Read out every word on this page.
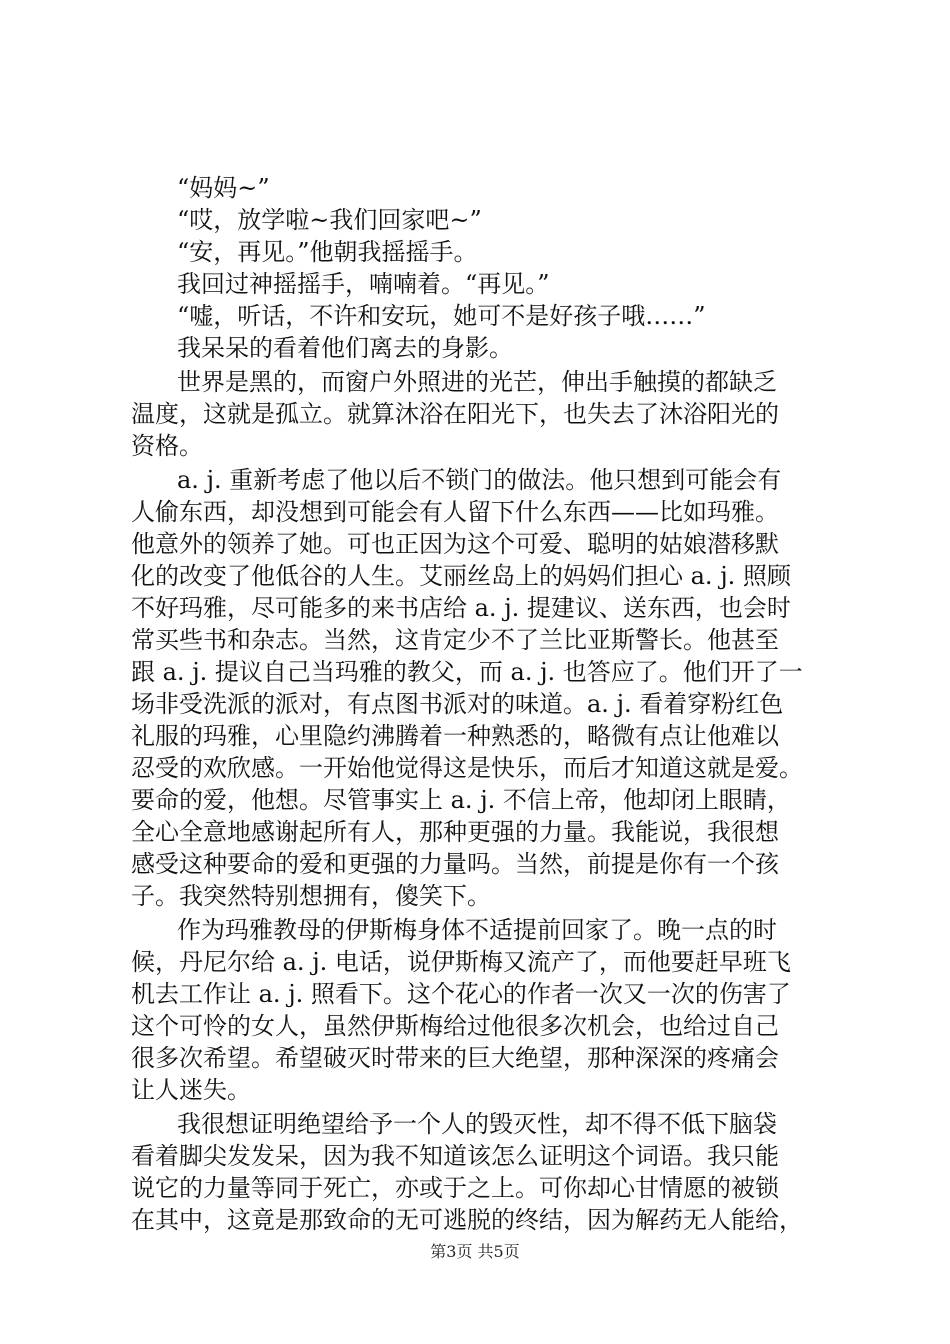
“妈妈~”
“哎，放学啦~我们回家吧~”
“安，再见。”他朝我摇摇手。
我回过神摇摇手，喃喃着。“再见。”
“嘘，听话，不许和安玩，她可不是好孩子哦……”
我呆呆的看着他们离去的身影。
世界是黑的，而窗户外照进的光芒，伸出手触摸的都缺乏
温度，这就是孤立。就算沐浴在阳光下，也失去了沐浴阳光的
资格。
a. j. 重新考虑了他以后不锁门的做法。他只想到可能会有
人偷东西，却没想到可能会有人留下什么东西——比如玛雅。
他意外的领养了她。可也正因为这个可爱、聪明的姑娘潜移默
化的改变了他低谷的人生。艾丽丝岛上的妈妈们担心 a. j. 照顾
不好玛雅，尽可能多的来书店给 a. j. 提建议、送东西，也会时
常买些书和杂志。当然，这肯定少不了兰比亚斯警长。他甚至
跟 a. j. 提议自己当玛雅的教父，而 a. j. 也答应了。他们开了一
场非受洗派的派对，有点图书派对的味道。a. j. 看着穿粉红色
礼服的玛雅，心里隐约沸腾着一种熟悉的，略微有点让他难以
忍受的欢欣感。一开始他觉得这是快乐，而后才知道这就是爱。
要命的爱，他想。尽管事实上 a. j. 不信上帝，他却闭上眼睛，
全心全意地感谢起所有人，那种更强的力量。我能说，我很想
感受这种要命的爱和更强的力量吗。当然，前提是你有一个孩
子。我突然特别想拥有，傻笑下。
作为玛雅教母的伊斯梅身体不适提前回家了。晚一点的时
候，丹尼尔给 a. j. 电话，说伊斯梅又流产了，而他要赶早班飞
机去工作让 a. j. 照看下。这个花心的作者一次又一次的伤害了
这个可怜的女人，虽然伊斯梅给过他很多次机会，也给过自己
很多次希望。希望破灭时带来的巨大绝望，那种深深的疼痛会
让人迷失。
我很想证明绝望给予一个人的毁灭性，却不得不低下脑袋
看着脚尖发发呆，因为我不知道该怎么证明这个词语。我只能
说它的力量等同于死亡，亦或于之上。可你却心甘情愿的被锁
在其中，这竟是那致命的无可逃脱的终结，因为解药无人能给，
第3页 共5页
